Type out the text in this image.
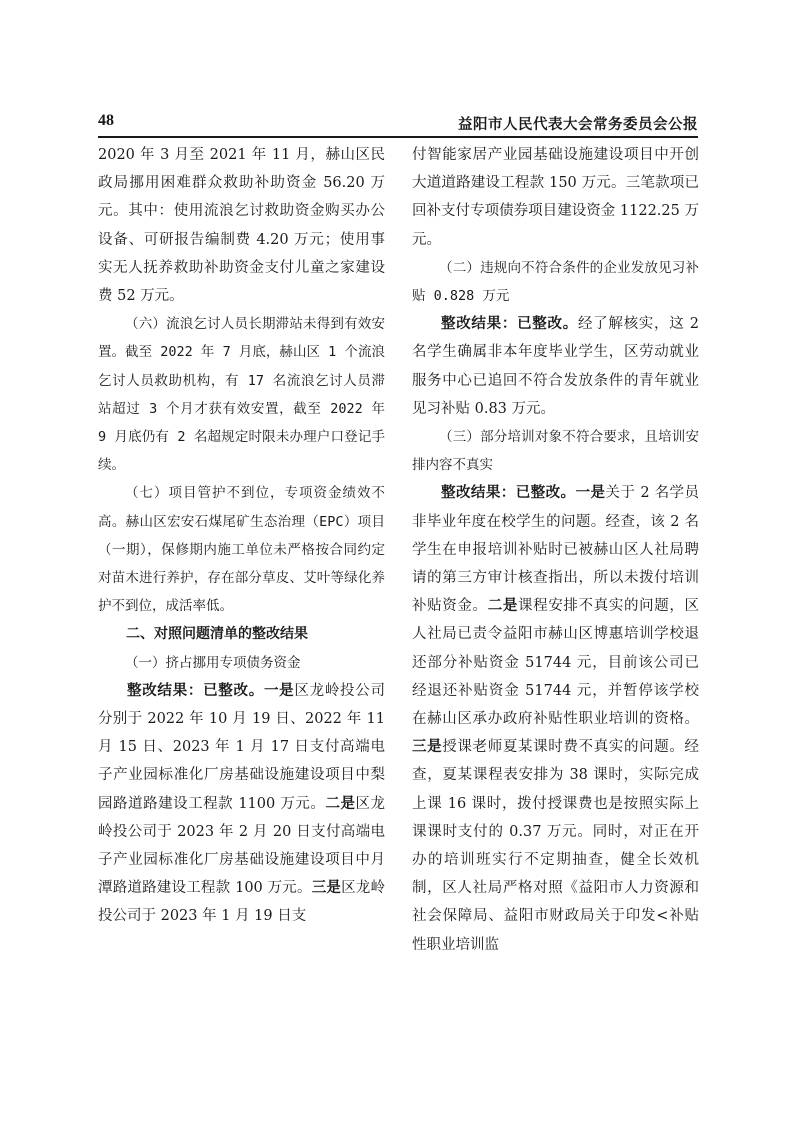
48	益阳市人民代表大会常务委员会公报

2020 年 3 月至 2021 年 11 月，赫山区民政局挪用困难群众救助补助资金 56.20 万元。其中：使用流浪乞讨救助资金购买办公设备、可研报告编制费 4.20 万元；使用事实无人抚养救助补助资金支付儿童之家建设费 52 万元。

（六）流浪乞讨人员长期滞站未得到有效安置。截至 2022 年 7 月底，赫山区 1 个流浪乞讨人员救助机构，有 17 名流浪乞讨人员滞站超过 3 个月才获有效安置，截至 2022 年 9 月底仍有 2 名超规定时限未办理户口登记手续。

（七）项目管护不到位，专项资金绩效不高。赫山区宏安石煤尾矿生态治理（EPC）项目（一期），保修期内施工单位未严格按合同约定对苗木进行养护，存在部分草皮、艾叶等绿化养护不到位，成活率低。

二、对照问题清单的整改结果

（一）挤占挪用专项债务资金

整改结果：已整改。一是区龙岭投公司分别于 2022 年 10 月 19 日、2022 年 11 月 15 日、2023 年 1 月 17 日支付高端电子产业园标准化厂房基础设施建设项目中梨园路道路建设工程款 1100 万元。二是区龙岭投公司于 2023 年 2 月 20 日支付高端电子产业园标准化厂房基础设施建设项目中月潭路道路建设工程款 100 万元。三是区龙岭投公司于 2023 年 1 月 19 日支

付智能家居产业园基础设施建设项目中开创大道道路建设工程款 150 万元。三笔款项已回补支付专项债券项目建设资金 1122.25 万元。

（二）违规向不符合条件的企业发放见习补贴 0.828 万元

整改结果：已整改。经了解核实，这 2 名学生确属非本年度毕业学生，区劳动就业服务中心已追回不符合发放条件的青年就业见习补贴 0.83 万元。

（三）部分培训对象不符合要求，且培训安排内容不真实

整改结果：已整改。一是关于 2 名学员非毕业年度在校学生的问题。经查，该 2 名学生在申报培训补贴时已被赫山区人社局聘请的第三方审计核查指出，所以未拨付培训补贴资金。二是课程安排不真实的问题，区人社局已责令益阳市赫山区博惠培训学校退还部分补贴资金 51744 元，目前该公司已经退还补贴资金 51744 元，并暂停该学校在赫山区承办政府补贴性职业培训的资格。三是授课老师夏某课时费不真实的问题。经查，夏某课程表安排为 38 课时，实际完成上课 16 课时，拨付授课费也是按照实际上课课时支付的 0.37 万元。同时，对正在开办的培训班实行不定期抽查，健全长效机制，区人社局严格对照《益阳市人力资源和社会保障局、益阳市财政局关于印发<补贴性职业培训监
